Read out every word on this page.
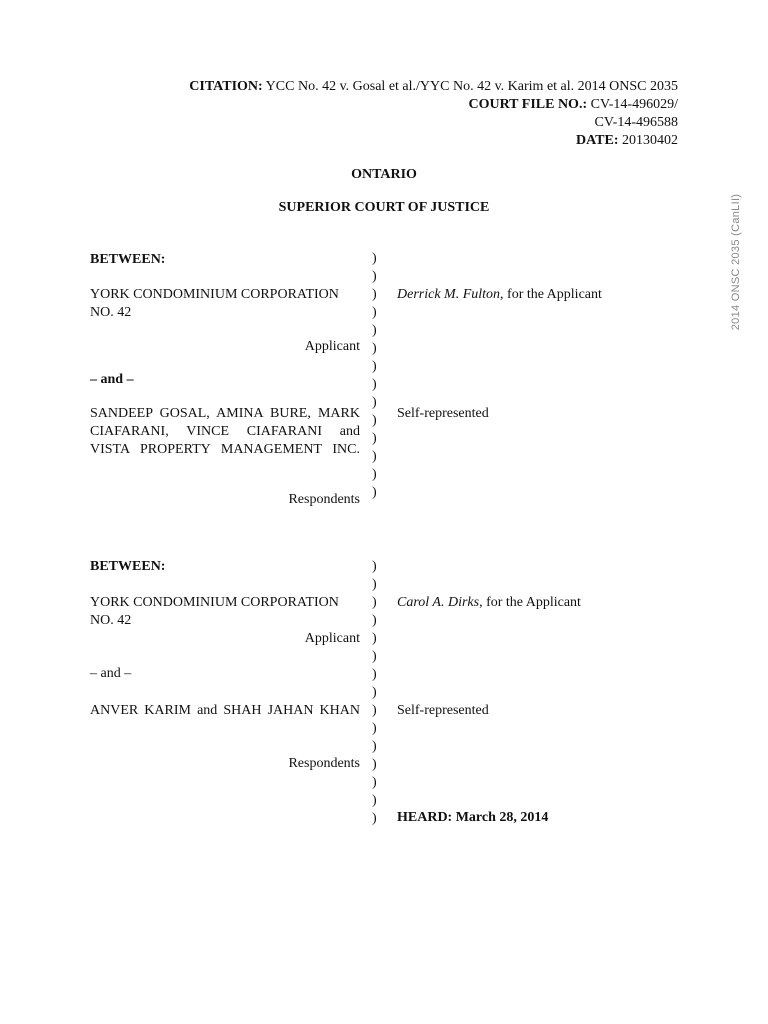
CITATION: YCC No. 42 v. Gosal et al./YYC No. 42 v. Karim et al. 2014 ONSC 2035
COURT FILE NO.: CV-14-496029/
CV-14-496588
DATE: 20130402
ONTARIO
SUPERIOR COURT OF JUSTICE	2014 ONSC 2035 (CanLII)
BETWEEN:
YORK CONDOMINIUM CORPORATION NO. 42
Applicant
– and –
SANDEEP GOSAL, AMINA BURE, MARK CIAFARANI, VINCE CIAFARANI and VISTA PROPERTY MANAGEMENT INC.
Respondents
Derrick M. Fulton, for the Applicant
Self-represented
)
)
)
)
)
)
)
)
)
)
)
)
)
)
BETWEEN:
YORK CONDOMINIUM CORPORATION NO. 42
Applicant
– and –
ANVER KARIM and SHAH JAHAN KHAN
Respondents
Carol A. Dirks, for the Applicant
Self-represented
HEARD: March 28, 2014
)
)
)
)
)
)
)
)
)
)
)
)
)
)
)
